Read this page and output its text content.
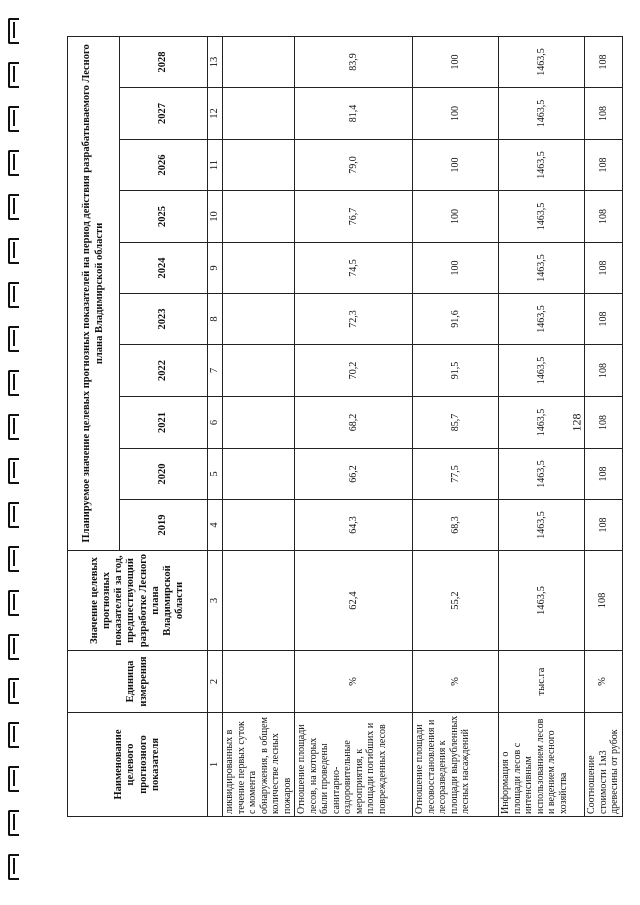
Наименование целевого прогнозного показателя	Единица измерения	Значение целевых прогнозных показателей за год, предшествующий разработке Лесного плана Владимирской области	Планируемое значение целевых прогнозных показателей на период действия разрабатываемого Лесного плана Владимирской области									
			2019	2020	2021	2022	2023	2024	2025	2026	2027	2028
1	2	3	4	5	6	7	8	9	10	11	12	13
ликвидированных в течение первых суток с момента обнаружения, в общем количестве лесных пожаров												
Отношение площади лесов, на которых были проведены санитарно-оздоровительные мероприятия, к площади погибших и поврежденных лесов	%	62,4	64,3	66,2	68,2	70,2	72,3	74,5	76,7	79,0	81,4	83,9
Отношение площади лесовосстановления и лесоразведения к площади вырубленных лесных насаждений	%	55,2	68,3	77,5	85,7	91,5	91,6	100	100	100	100	100
Информация о площади лесов с интенсивным использованием лесов и ведением лесного хозяйства	тыс.га	1463,5	1463,5	1463,5	1463,5	1463,5	1463,5	1463,5	1463,5	1463,5	1463,5	1463,5
Соотношение стоимости 1м3 древесины от рубок	%	108	108	108	108	108	108	108	108	108	108	108
128
